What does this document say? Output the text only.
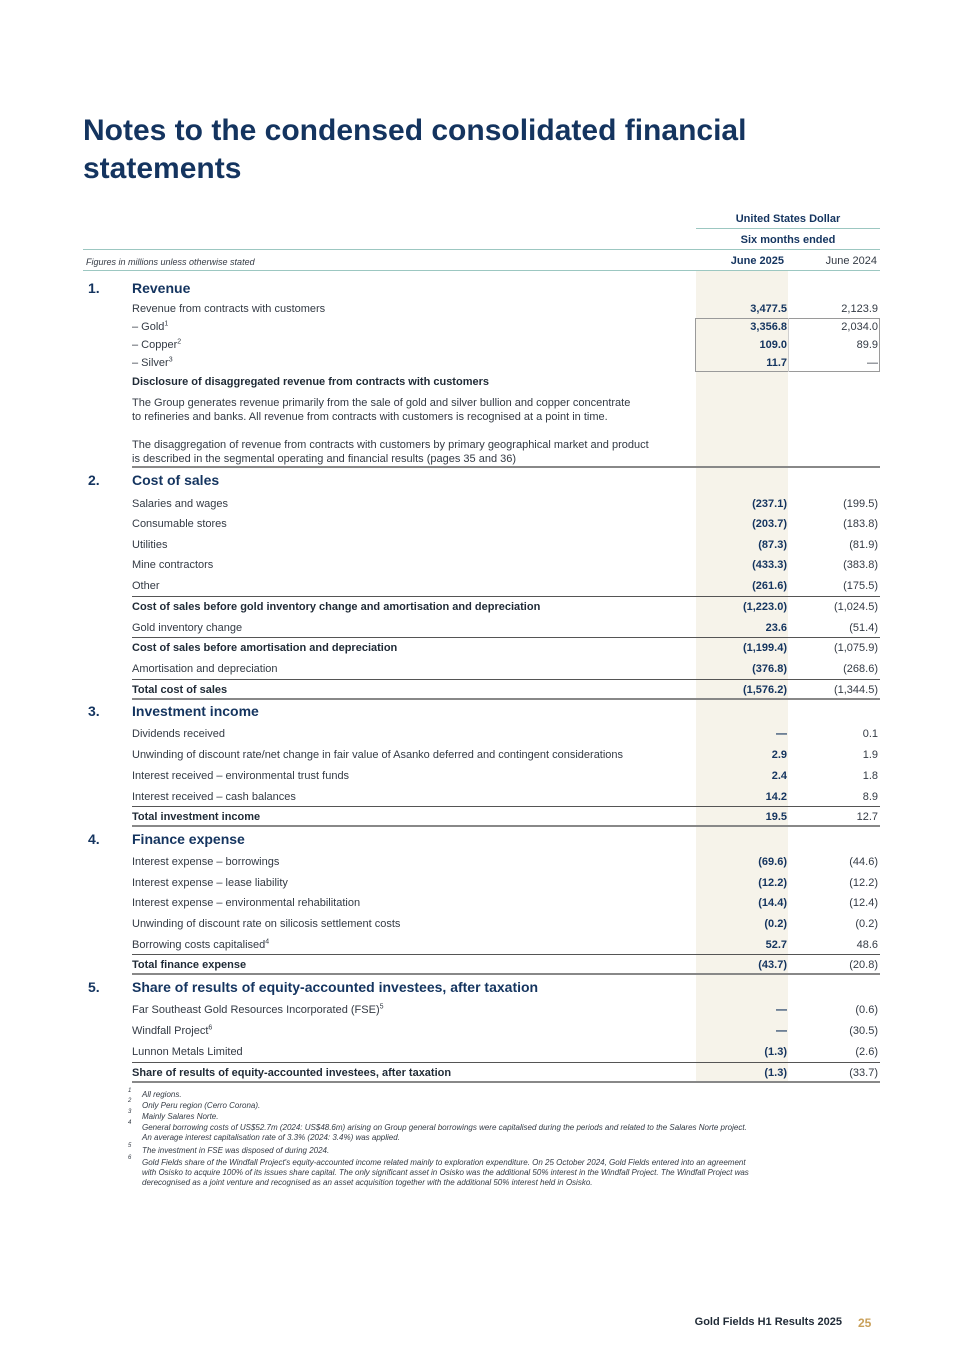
Notes to the condensed consolidated financial statements
United States Dollar
Six months ended
Figures in millions unless otherwise stated	June 2025	June 2024
1. Revenue
Revenue from contracts with customers	3,477.5	2,123.9
– Gold$^1$	3,356.8	2,034.0
– Copper$^2$	109.0	89.9
– Silver$^3$	11.7	—
Disclosure of disaggregated revenue from contracts with customers

The Group generates revenue primarily from the sale of gold and silver bullion and copper concentrate
to refineries and banks. All revenue from contracts with customers is recognised at a point in time.

The disaggregation of revenue from contracts with customers by primary geographical market and product
is described in the segmental operating and financial results (pages 35 and 36)

2. Cost of sales
Salaries and wages	(237.1)	(199.5)
Consumable stores	(203.7)	(183.8)
Utilities	(87.3)	(81.9)
Mine contractors	(433.3)	(383.8)
Other	(261.6)	(175.5)
Cost of sales before gold inventory change and amortisation and depreciation	(1,223.0)	(1,024.5)
Gold inventory change	23.6	(51.4)
Cost of sales before amortisation and depreciation	(1,199.4)	(1,075.9)
Amortisation and depreciation	(376.8)	(268.6)
Total cost of sales	(1,576.2)	(1,344.5)
3. Investment income
Dividends received	—	0.1
Unwinding of discount rate/net change in fair value of Asanko deferred and contingent considerations	2.9	1.9
Interest received – environmental trust funds	2.4	1.8
Interest received – cash balances	14.2	8.9
Total investment income	19.5	12.7
4. Finance expense
Interest expense – borrowings	(69.6)	(44.6)
Interest expense – lease liability	(12.2)	(12.2)
Interest expense – environmental rehabilitation	(14.4)	(12.4)
Unwinding of discount rate on silicosis settlement costs	(0.2)	(0.2)
Borrowing costs capitalised$^4$	52.7	48.6
Total finance expense	(43.7)	(20.8)
5. Share of results of equity-accounted investees, after taxation
Far Southeast Gold Resources Incorporated (FSE)$^5$	—	(0.6)
Windfall Project$^6$	—	(30.5)
Lunnon Metals Limited	(1.3)	(2.6)
Share of results of equity-accounted investees, after taxation	(1.3)	(33.7)
1 All regions.

2 Only Peru region (Cerro Corona).

3 Mainly Salares Norte.

4 General borrowing costs of US$52.7m (2024: US$48.6m) arising on Group general borrowings were capitalised during the periods and related to the Salares Norte project.
An average interest capitalisation rate of 3.3% (2024: 3.4%) was applied.

5 The investment in FSE was disposed of during 2024.

6 Gold Fields share of the Windfall Project's equity-accounted income related mainly to exploration expenditure. On 25 October 2024, Gold Fields entered into an agreement
with Osisko to acquire 100% of its issues share capital. The only significant asset in Osisko was the additional 50% interest in the Windfall Project. The Windfall Project was
derecognised as a joint venture and recognised as an asset acquisition together with the additional 50% interest held in Osisko.

Gold Fields H1 Results 2025 25
